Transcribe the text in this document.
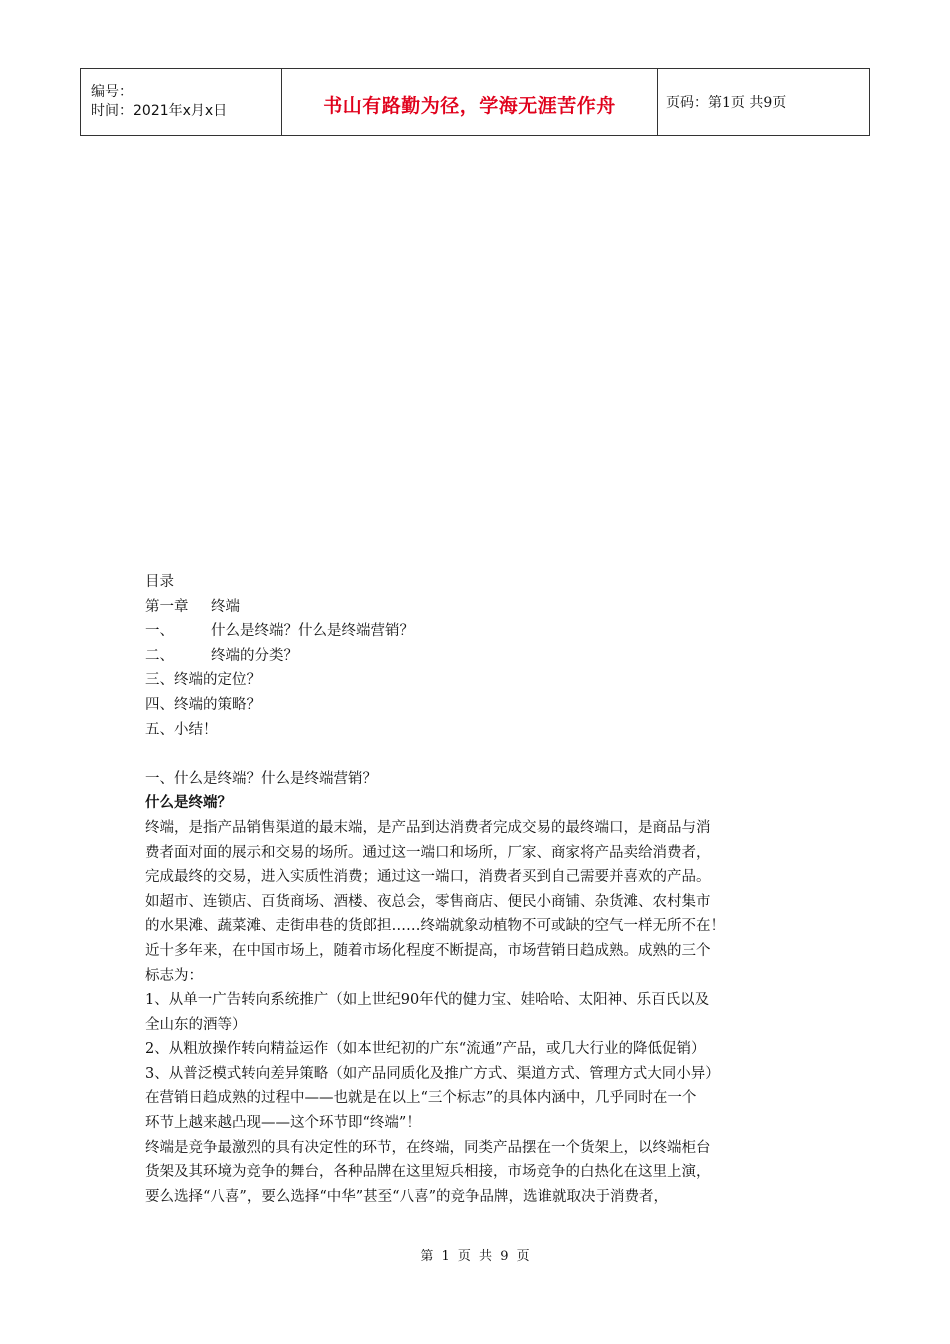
编号：
时间：2021年x月x日	书山有路勤为径，学海无涯苦作舟	页码：第1页 共9页
目录
第一章 终端
一、	什么是终端？什么是终端营销？
二、	终端的分类？
三、终端的定位？
四、终端的策略？
五、小结！
一、什么是终端？什么是终端营销？
什么是终端？
终端，是指产品销售渠道的最末端，是产品到达消费者完成交易的最终端口，是商品与消
费者面对面的展示和交易的场所。通过这一端口和场所，厂家、商家将产品卖给消费者，
完成最终的交易，进入实质性消费；通过这一端口，消费者买到自己需要并喜欢的产品。
如超市、连锁店、百货商场、酒楼、夜总会，零售商店、便民小商铺、杂货滩、农村集市
的水果滩、蔬菜滩、走街串巷的货郎担……终端就象动植物不可或缺的空气一样无所不在！
近十多年来，在中国市场上，随着市场化程度不断提高，市场营销日趋成熟。成熟的三个
标志为：
1、从单一广告转向系统推广（如上世纪90年代的健力宝、娃哈哈、太阳神、乐百氏以及
全山东的酒等）
2、从粗放操作转向精益运作（如本世纪初的广东“流通”产品，或几大行业的降低促销）
3、从普泛模式转向差异策略（如产品同质化及推广方式、渠道方式、管理方式大同小异）
在营销日趋成熟的过程中——也就是在以上“三个标志”的具体内涵中，几乎同时在一个
环节上越来越凸现——这个环节即“终端”！
终端是竞争最激烈的具有决定性的环节，在终端，同类产品摆在一个货架上，以终端柜台
货架及其环境为竞争的舞台，各种品牌在这里短兵相接，市场竞争的白热化在这里上演，
要么选择“八喜”，要么选择“中华”甚至“八喜”的竞争品牌，选谁就取决于消费者，
第 1 页 共 9 页
